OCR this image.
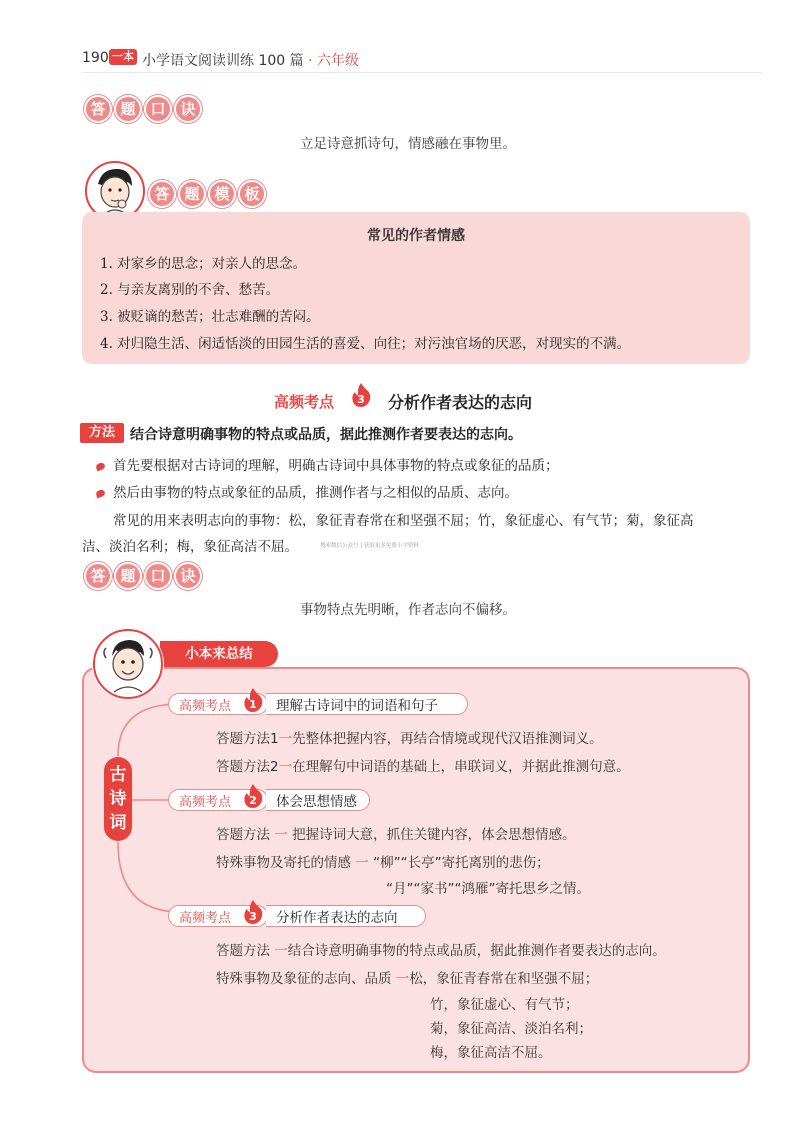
190 一本 小学语文阅读训练 100 篇 · 六年级
答 题 口 诀
立足诗意抓诗句，情感融在事物里。
答 题 模 板
常见的作者情感
1. 对家乡的思念；对亲人的思念。
2. 与亲友离别的不舍、愁苦。
3. 被贬谪的愁苦；壮志难酬的苦闷。
4. 对归隐生活、闲适恬淡的田园生活的喜爱、向往；对污浊官场的厌恶，对现实的不满。
高频考点 3 分析作者表达的志向
方法	结合诗意明确事物的特点或品质，据此推测作者要表达的志向。
首先要根据对古诗词的理解，明确古诗词中具体事物的特点或象征的品质；
然后由事物的特点或象征的品质，推测作者与之相似的品质、志向。
常见的用来表明志向的事物：松，象征青春常在和坚强不屈；竹，象征虚心、有气节；菊，象征高
洁、淡泊名利；梅，象征高洁不屈。	搜索微信公众号 | 获取更多免费小学资料
答 题 口 诀
事物特点先明晰，作者志向不偏移。
小本来总结
古
诗
词
高频考点 1	理解古诗词中的词语和句子
答题方法1一先整体把握内容，再结合情境或现代汉语推测词义。
答题方法2一在理解句中词语的基础上，串联词义，并据此推测句意。
高频考点 2	体会思想情感
答题方法 一 把握诗词大意，抓住关键内容，体会思想情感。
特殊事物及寄托的情感 一 “柳”“长亭”寄托离别的悲伤；
“月”“家书”“鸿雁”寄托思乡之情。
高频考点 3	分析作者表达的志向
答题方法 一结合诗意明确事物的特点或品质，据此推测作者要表达的志向。
特殊事物及象征的志向、品质 一松，象征青春常在和坚强不屈；
竹，象征虚心、有气节；
菊，象征高洁、淡泊名利；
梅，象征高洁不屈。
